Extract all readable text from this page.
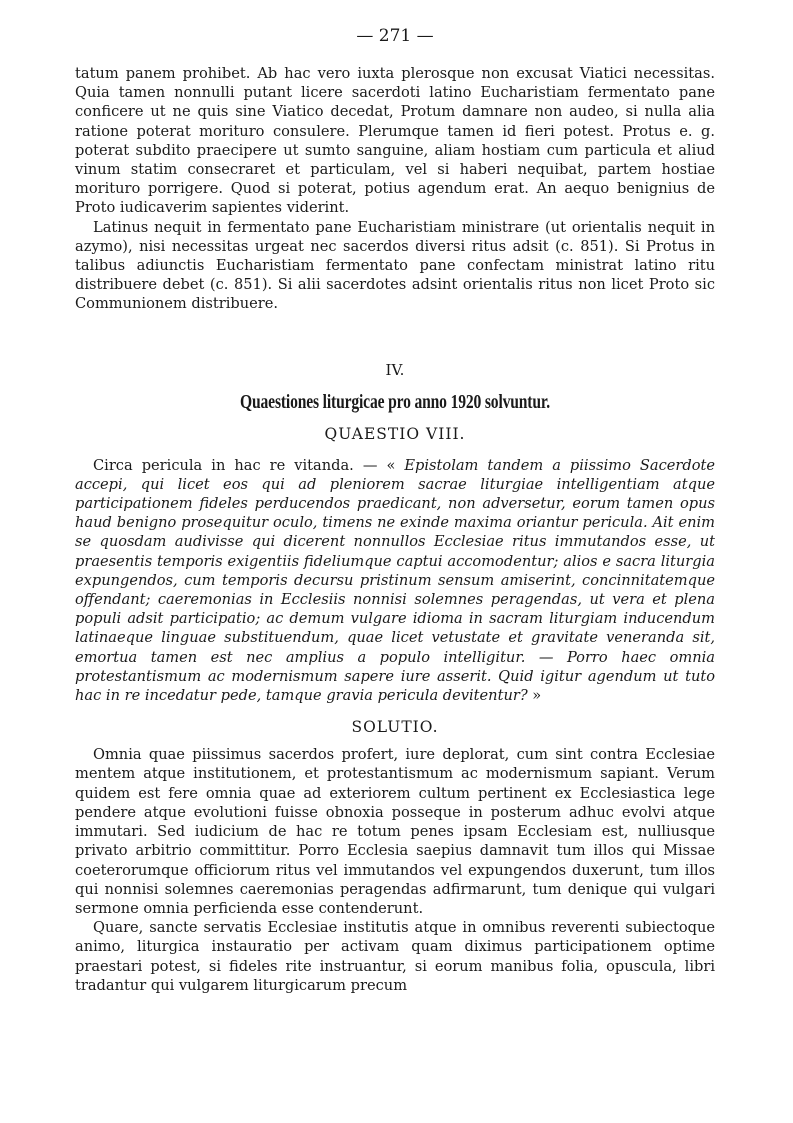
— 271 —

tatum panem prohibet. Ab hac vero iuxta plerosque non excusat Viatici necessitas. Quia tamen nonnulli putant licere sacerdoti latino Eucharistiam fermentato pane conficere ut ne quis sine Viatico decedat, Protum damnare non audeo, si nulla alia ratione poterat morituro consulere. Plerumque tamen id fieri potest. Protus e. g. poterat subdito praecipere ut sumto sanguine, aliam hostiam cum particula et aliud vinum statim consecraret et particulam, vel si haberi nequibat, partem hostiae morituro porrigere. Quod si poterat, potius agendum erat. An aequo benignius de Proto iudicaverim sapientes viderint.

Latinus nequit in fermentato pane Eucharistiam ministrare (ut orientalis nequit in azymo), nisi necessitas urgeat nec sacerdos diversi ritus adsit (c. 851). Si Protus in talibus adiunctis Eucharistiam fermentato pane confectam ministrat latino ritu distribuere debet (c. 851). Si alii sacerdotes adsint orientalis ritus non licet Proto sic Communionem distribuere.

IV.
Quaestiones liturgicae pro anno 1920 solvuntur.
QUAESTIO VIII.

Circa pericula in hac re vitanda. — « Epistolam tandem a piissimo Sacerdote accepi, qui licet eos qui ad pleniorem sacrae liturgiae intelligentiam atque participationem fideles perducendos praedicant, non adversetur, eorum tamen opus haud benigno prosequitur oculo, timens ne exinde maxima oriantur pericula. Ait enim se quosdam audivisse qui dicerent nonnullos Ecclesiae ritus immutandos esse, ut praesentis temporis exigentiis fideliumque captui accomodentur; alios e sacra liturgia expungendos, cum temporis decursu pristinum sensum amiserint, concinnitatemque offendant; caeremonias in Ecclesiis nonnisi solemnes peragendas, ut vera et plena populi adsit participatio; ac demum vulgare idioma in sacram liturgiam inducendum latinaeque linguae substituendum, quae licet vetustate et gravitate veneranda sit, emortua tamen est nec amplius a populo intelligitur. — Porro haec omnia protestantismum ac modernismum sapere iure asserit. Quid igitur agendum ut tuto hac in re incedatur pede, tamque gravia pericula devitentur? »

SOLUTIO.

Omnia quae piissimus sacerdos profert, iure deplorat, cum sint contra Ecclesiae mentem atque institutionem, et protestantismum ac modernismum sapiant. Verum quidem est fere omnia quae ad exteriorem cultum pertinent ex Ecclesiastica lege pendere atque evolutioni fuisse obnoxia posseque in posterum adhuc evolvi atque immutari. Sed iudicium de hac re totum penes ipsam Ecclesiam est, nulliusque privato arbitrio committitur. Porro Ecclesia saepius damnavit tum illos qui Missae coeterorumque officiorum ritus vel immutandos vel expungendos duxerunt, tum illos qui nonnisi solemnes caeremonias peragendas adfirmarunt, tum denique qui vulgari sermone omnia perficienda esse contenderunt.

Quare, sancte servatis Ecclesiae institutis atque in omnibus reverenti subiectoque animo, liturgica instauratio per activam quam diximus participationem optime praestari potest, si fideles rite instruantur, si eorum manibus folia, opuscula, libri tradantur qui vulgarem liturgicarum precum
